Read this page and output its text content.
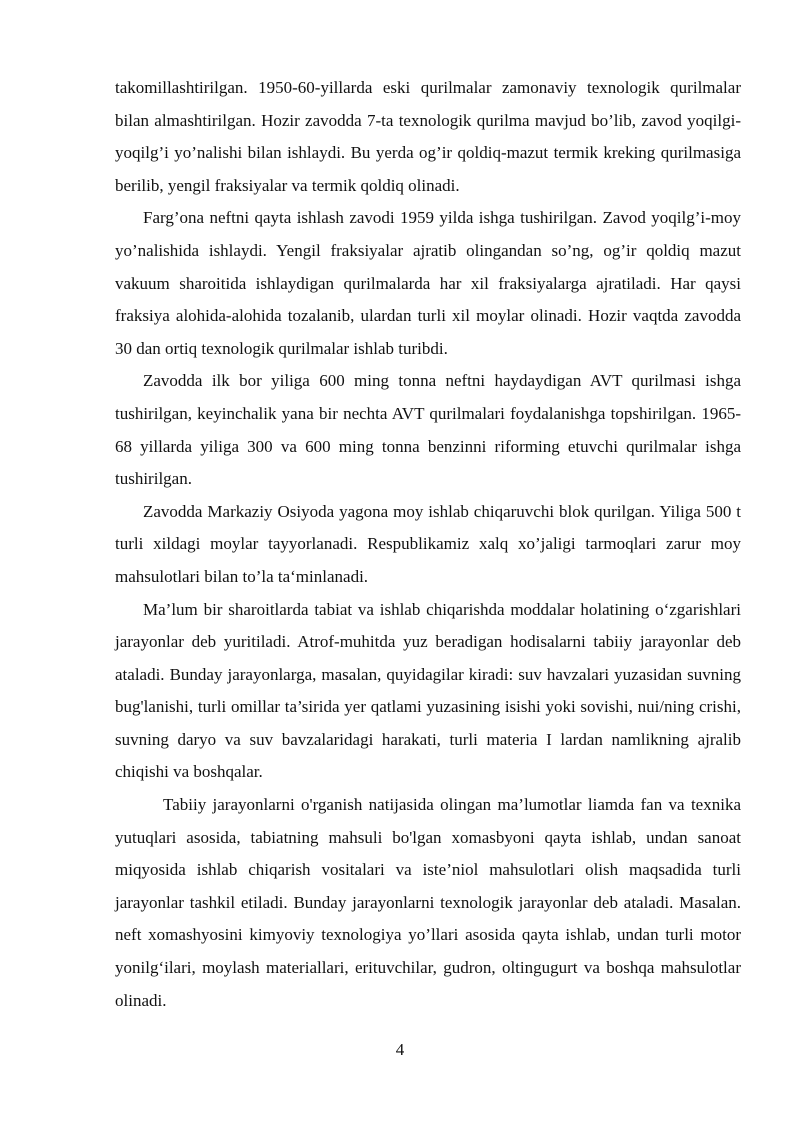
takomillashtirilgan. 1950-60-yillarda eski qurilmalar zamonaviy texnologik qurilmalar bilan almashtirilgan. Hozir zavodda 7-ta texnologik qurilma mavjud bo’lib, zavod yoqilgi-yoqilg’i yo’nalishi bilan ishlaydi. Bu yerda og’ir qoldiq-mazut termik kreking qurilmasiga berilib, yengil fraksiyalar va termik qoldiq olinadi.

Farg’ona neftni qayta ishlash zavodi 1959 yilda ishga tushirilgan. Zavod yoqilg’i-moy yo’nalishida ishlaydi. Yengil fraksiyalar ajratib olingandan so’ng, og’ir qoldiq mazut vakuum sharoitida ishlaydigan qurilmalarda har xil fraksiyalarga ajratiladi. Har qaysi fraksiya alohida-alohida tozalanib, ulardan turli xil moylar olinadi. Hozir vaqtda zavodda 30 dan ortiq texnologik qurilmalar ishlab turibdi.

Zavodda ilk bor yiliga 600 ming tonna neftni haydaydigan AVT qurilmasi ishga tushirilgan, keyinchalik yana bir nechta AVT qurilmalari foydalanishga topshirilgan. 1965-68 yillarda yiliga 300 va 600 ming tonna benzinni riforming etuvchi qurilmalar ishga tushirilgan.

Zavodda Markaziy Osiyoda yagona moy ishlab chiqaruvchi blok qurilgan. Yiliga 500 t turli xildagi moylar tayyorlanadi. Respublikamiz xalq xo’jaligi tarmoqlari zarur moy mahsulotlari bilan to’la ta‘minlanadi.

Ma’lum bir sharoitlarda tabiat va ishlab chiqarishda moddalar holatining o‘zgarishlari jarayonlar deb yuritiladi. Atrof-muhitda yuz beradigan hodisalarni tabiiy jarayonlar deb ataladi. Bunday jarayonlarga, masalan, quyidagilar kiradi: suv havzalari yuzasidan suvning bug'lanishi, turli omillar ta’sirida yer qatlami yuzasining isishi yoki sovishi, nui/ning crishi, suvning daryo va suv bavzalaridagi harakati, turli materia I lardan namlikning ajralib chiqishi va boshqalar.

Tabiiy jarayonlarni o'rganish natijasida olingan ma’lumotlar liamda fan va texnika yutuqlari asosida, tabiatning mahsuli bo'lgan xomasbyoni qayta ishlab, undan sanoat miqyosida ishlab chiqarish vositalari va iste’niol mahsulotlari olish maqsadida turli jarayonlar tashkil etiladi. Bunday jarayonlarni texnologik jarayonlar deb ataladi. Masalan. neft xomashyosini kimyoviy texnologiya yo’llari asosida qayta ishlab, undan turli motor yonilg‘ilari, moylash materiallari, erituvchilar, gudron, oltingugurt va boshqa mahsulotlar olinadi.

4
